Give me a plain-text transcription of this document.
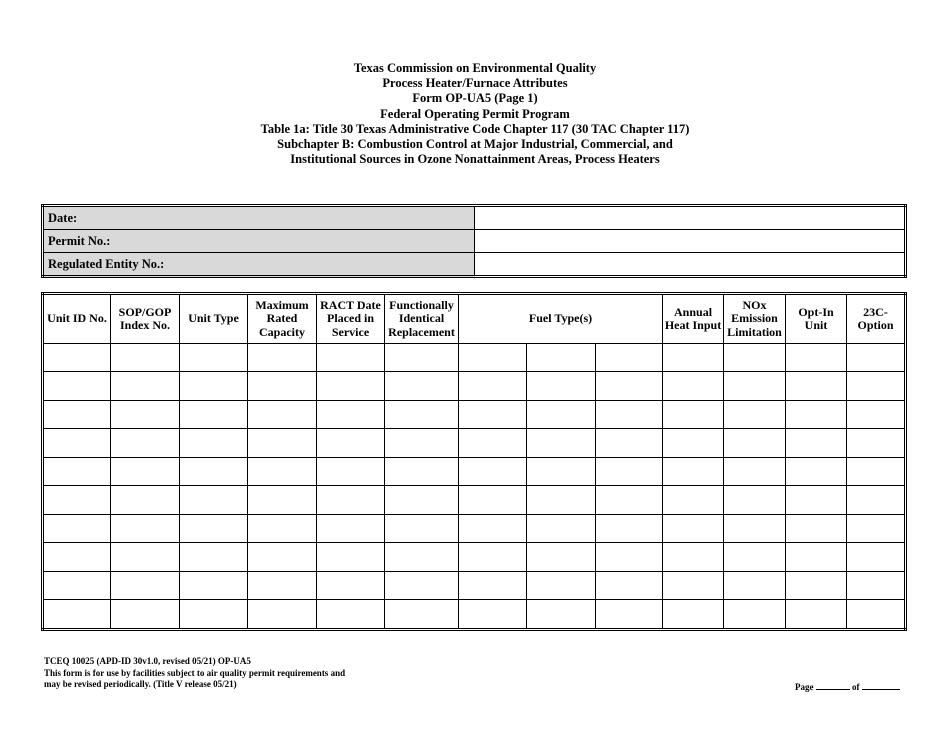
Texas Commission on Environmental Quality
Process Heater/Furnace Attributes
Form OP-UA5 (Page 1)
Federal Operating Permit Program
Table 1a: Title 30 Texas Administrative Code Chapter 117 (30 TAC Chapter 117)
Subchapter B: Combustion Control at Major Industrial, Commercial, and
Institutional Sources in Ozone Nonattainment Areas, Process Heaters
Date:	
Permit No.:	
Regulated Entity No.:	
Unit ID No.	SOP/GOP Index No.	Unit Type	Maximum Rated Capacity	RACT Date Placed in Service	Functionally Identical Replacement	Fuel Type(s)			Annual Heat Input	NOx Emission Limitation	Opt-In Unit	23C-Option

TCEQ 10025 (APD-ID 30v1.0, revised 05/21) OP-UA5
This form is for use by facilities subject to air quality permit requirements and
may be revised periodically. (Title V release 05/21)	Page	of
